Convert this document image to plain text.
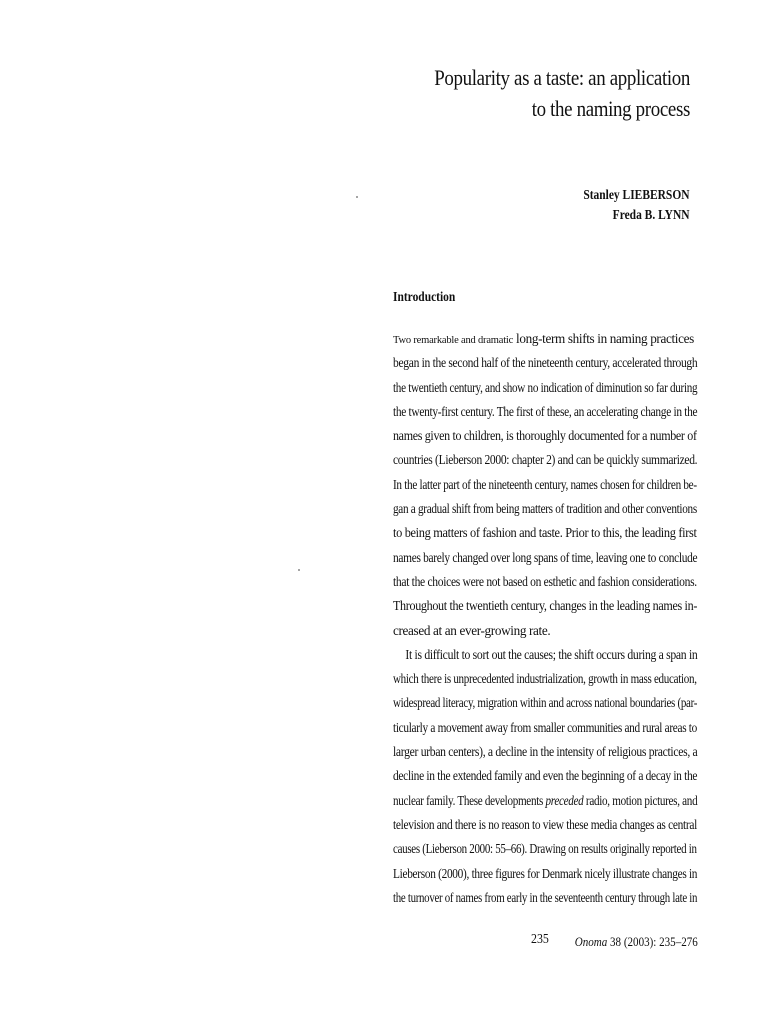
Popularity as a taste: an application
to the naming process
Stanley LIEBERSON
Freda B. LYNN
Introduction
Two remarkable and dramatic long-term shifts in naming practices
began in the second half of the nineteenth century, accelerated through
the twentieth century, and show no indication of diminution so far during
the twenty-first century. The first of these, an accelerating change in the
names given to children, is thoroughly documented for a number of
countries (Lieberson 2000: chapter 2) and can be quickly summarized.
In the latter part of the nineteenth century, names chosen for children be-
gan a gradual shift from being matters of tradition and other conventions
to being matters of fashion and taste. Prior to this, the leading first
names barely changed over long spans of time, leaving one to conclude
that the choices were not based on esthetic and fashion considerations.
Throughout the twentieth century, changes in the leading names in-
creased at an ever-growing rate.
It is difficult to sort out the causes; the shift occurs during a span in
which there is unprecedented industrialization, growth in mass education,
widespread literacy, migration within and across national boundaries (par-
ticularly a movement away from smaller communities and rural areas to
larger urban centers), a decline in the intensity of religious practices, a
decline in the extended family and even the beginning of a decay in the
nuclear family. These developments preceded radio, motion pictures, and
television and there is no reason to view these media changes as central
causes (Lieberson 2000: 55–66). Drawing on results originally reported in
Lieberson (2000), three figures for Denmark nicely illustrate changes in
the turnover of names from early in the seventeenth century through late in
235 Onoma 38 (2003): 235–276
